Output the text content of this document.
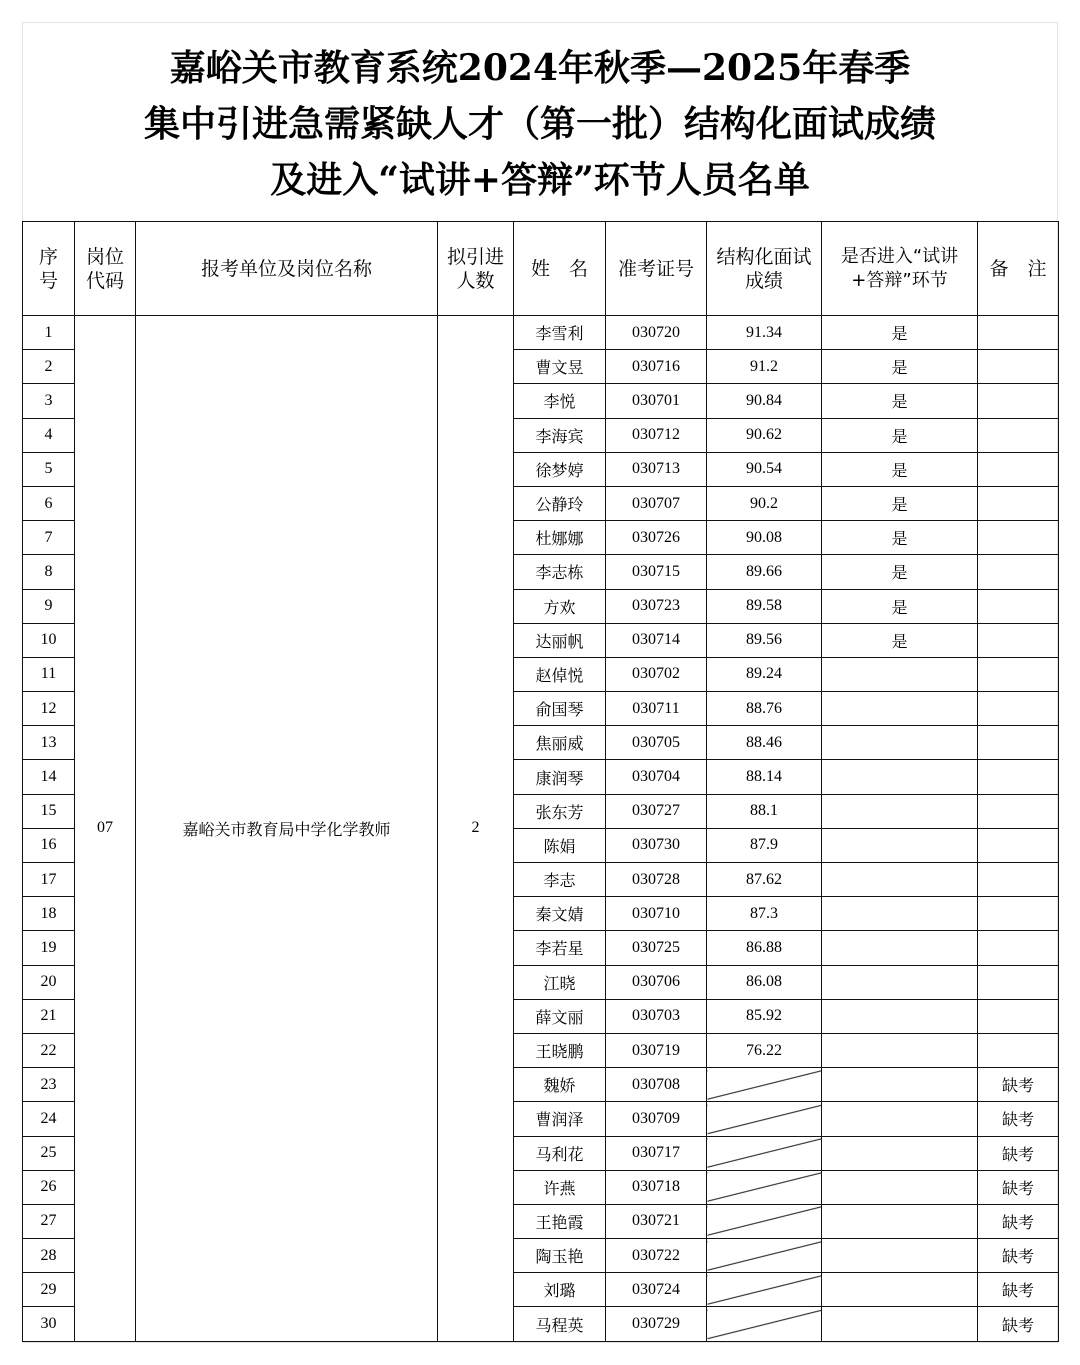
嘉峪关市教育系统2024年秋季—2025年春季
集中引进急需紧缺人才（第一批）结构化面试成绩
及进入“试讲+答辩”环节人员名单
序号	岗位代码	报考单位及岗位名称	拟引进人数	姓　名	准考证号	结构化面试成绩	是否进入“试讲+答辩”环节	备　注
1	07	嘉峪关市教育局中学化学教师	2	李雪利	030720	91.34	是	
2				曹文昱	030716	91.2	是	
3				李悦	030701	90.84	是	
4				李海宾	030712	90.62	是	
5				徐梦婷	030713	90.54	是	
6				公静玲	030707	90.2	是	
7				杜娜娜	030726	90.08	是	
8				李志栋	030715	89.66	是	
9				方欢	030723	89.58	是	
10				达丽帆	030714	89.56	是	
11				赵倬悦	030702	89.24		
12				俞国琴	030711	88.76		
13				焦丽威	030705	88.46		
14				康润琴	030704	88.14		
15				张东芳	030727	88.1		
16				陈娟	030730	87.9		
17				李志	030728	87.62		
18				秦文婧	030710	87.3		
19				李若星	030725	86.88		
20				江晓	030706	86.08		
21				薛文丽	030703	85.92		
22				王晓鹏	030719	76.22		
23				魏娇	030708			缺考
24				曹润泽	030709			缺考
25				马利花	030717			缺考
26				许燕	030718			缺考
27				王艳霞	030721			缺考
28				陶玉艳	030722			缺考
29				刘璐	030724			缺考
30				马程英	030729			缺考
